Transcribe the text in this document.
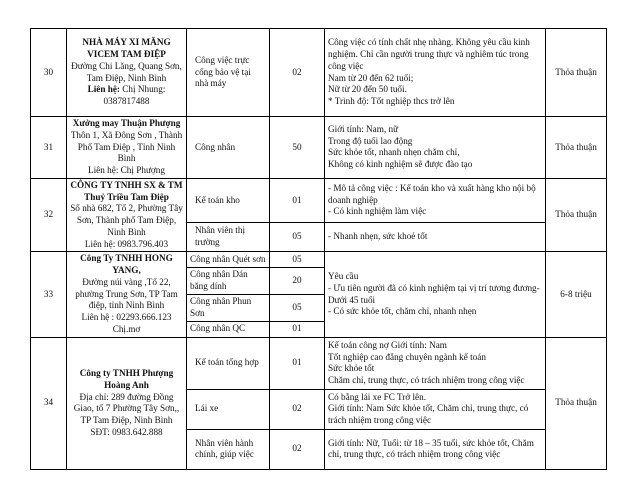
30	NHÀ MÁY XI MĂNG VICEM TAM ĐIỆP
Đường Chi Lăng, Quang Sơn, Tam Điệp, Ninh Bình
Liên hệ: Chị Nhung: 0387817488	Công việc trực cổng bảo vệ tại nhà máy	02	Công việc có tính chất nhẹ nhàng. Không yêu cầu kinh nghiệm. Chỉ cần người trung thực và nghiêm túc trong công việc
Nam từ 20 đến 62 tuổi;
Nữ từ 20 đến 50 tuổi.
* Trình độ: Tốt nghiệp thcs trở lên	Thỏa thuận
31	Xưởng may Thuận Phượng
Thôn 1, Xã Đông Sơn , Thành Phố Tam Điệp , Tỉnh Ninh Bình
Liên hệ: Chị Phượng	Công nhân	50	Giới tính: Nam, nữ
Trong độ tuổi lao động
Sức khỏe tốt, nhanh nhẹn chăm chỉ,
Không có kinh nghiệm sẽ được đào tạo	Thỏa thuận
32	CÔNG TY TNHH SX & TM Thuỷ Triều Tam Điệp
Số nhà 682, Tổ 2, Phường Tây Sơn, Thành phố Tam Điệp, Ninh Bình
Liên hệ: 0983.796.403	Kế toán kho	01	- Mô tả công việc : Kế toán kho và xuất hàng kho nội bộ doanh nghiệp
- Có kinh nghiệm làm việc	Thỏa thuận
		Nhân viên thị trường	05	- Nhanh nhẹn, sức khoẻ tốt	

33	Công Ty TNHH HONG YANG,
Đường núi vàng ,Tổ 22, phường Trung Sơn, TP Tam điệp, tỉnh Ninh Bình
Liên hệ : 02293.666.123 Chị.mơ	Công nhân Quét sơn	05	Yêu cầu
- Ưu tiên người đã có kinh nghiệm tại vị trí tương đương- Dưới 45 tuổi
- Có sức khỏe tốt, chăm chỉ, nhanh nhẹn	6-8 triệu
		Công nhân Dán băng dính	20		
		Công nhân Phun Sơn	05		
		Công nhân QC	01		
34	Công ty TNHH Phượng Hoàng Anh
Địa chỉ: 289 đường Đồng Giao, tổ 7 Phường Tây Sơn,, TP Tam Điệp, Ninh Bình
SĐT: 0983.642.888	Kế toán tổng hợp	01	Kế toán công nợ Giới tính: Nam
Tốt nghiệp cao đẳng chuyên ngành kế toán
Sức khỏe tốt
Chăm chỉ, trung thực, có trách nhiệm trong công việc	Thỏa thuận
		Lái xe	02	Có bằng lái xe FC Trở lên.
Giới tính: Nam Sức khỏe tốt, Chăm chỉ, trung thực, có trách nhiệm trong công việc	

		Nhân viên hành chính, giúp việc	02	Giới tính: Nữ, Tuổi: từ 18 – 35 tuổi, sức khỏe tốt, Chăm chỉ, trung thực, có trách nhiệm trong công việc	
